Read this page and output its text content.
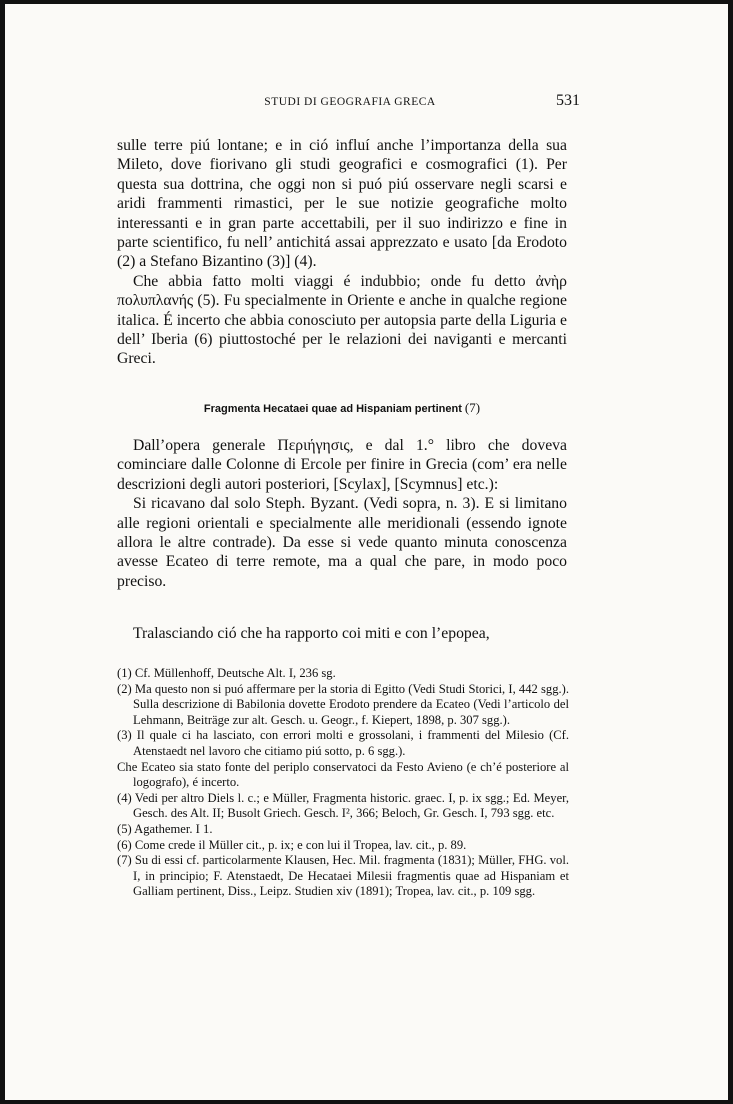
STUDI DI GEOGRAFIA GRECA	531

sulle terre piú lontane; e in ció influí anche l’importanza della sua Mileto, dove fiorivano gli studi geografici e cosmografici (1). Per questa sua dottrina, che oggi non si puó piú osservare negli scarsi e aridi frammenti rimastici, per le sue notizie geografiche molto interessanti e in gran parte accettabili, per il suo indirizzo e fine in parte scientifico, fu nell’ antichitá assai apprezzato e usato [da Erodoto (2) a Stefano Bizantino (3)] (4).

Che abbia fatto molti viaggi é indubbio; onde fu detto ἀνὴρ πολυπλανής (5). Fu specialmente in Oriente e anche in qualche regione italica. É incerto che abbia conosciuto per autopsia parte della Liguria e dell’ Iberia (6) piuttostoché per le relazioni dei naviganti e mercanti Greci.

Fragmenta Hecataei quae ad Hispaniam pertinent (7)

Dall’opera generale Περιήγησις, e dal 1.° libro che doveva cominciare dalle Colonne di Ercole per finire in Grecia (com’ era nelle descrizioni degli autori posteriori, [Scylax], [Scymnus] etc.):

Si ricavano dal solo Steph. Byzant. (Vedi sopra, n. 3). E si limitano alle regioni orientali e specialmente alle meridionali (essendo ignote allora le altre contrade). Da esse si vede quanto minuta conoscenza avesse Ecateo di terre remote, ma a qual che pare, in modo poco preciso.

Tralasciando ció che ha rapporto coi miti e con l’epopea,

(1) Cf. Müllenhoff, Deutsche Alt. I, 236 sg.

(2) Ma questo non si puó affermare per la storia di Egitto (Vedi Studi Storici, I, 442 sgg.). Sulla descrizione di Babilonia dovette Erodoto prendere da Ecateo (Vedi l’articolo del Lehmann, Beiträge zur alt. Gesch. u. Geogr., f. Kiepert, 1898, p. 307 sgg.).

(3) Il quale ci ha lasciato, con errori molti e grossolani, i frammenti del Milesio (Cf. Atenstaedt nel lavoro che citiamo piú sotto, p. 6 sgg.).

Che Ecateo sia stato fonte del periplo conservatoci da Festo Avieno (e ch’é posteriore al logografo), é incerto.

(4) Vedi per altro Diels l. c.; e Müller, Fragmenta historic. graec. I, p. ix sgg.; Ed. Meyer, Gesch. des Alt. II; Busolt Griech. Gesch. I², 366; Beloch, Gr. Gesch. I, 793 sgg. etc.

(5) Agathemer. I 1.

(6) Come crede il Müller cit., p. ix; e con lui il Tropea, lav. cit., p. 89.

(7) Su di essi cf. particolarmente Klausen, Hec. Mil. fragmenta (1831); Müller, FHG. vol. I, in principio; F. Atenstaedt, De Hecataei Milesii fragmentis quae ad Hispaniam et Galliam pertinent, Diss., Leipz. Studien xiv (1891); Tropea, lav. cit., p. 109 sgg.
